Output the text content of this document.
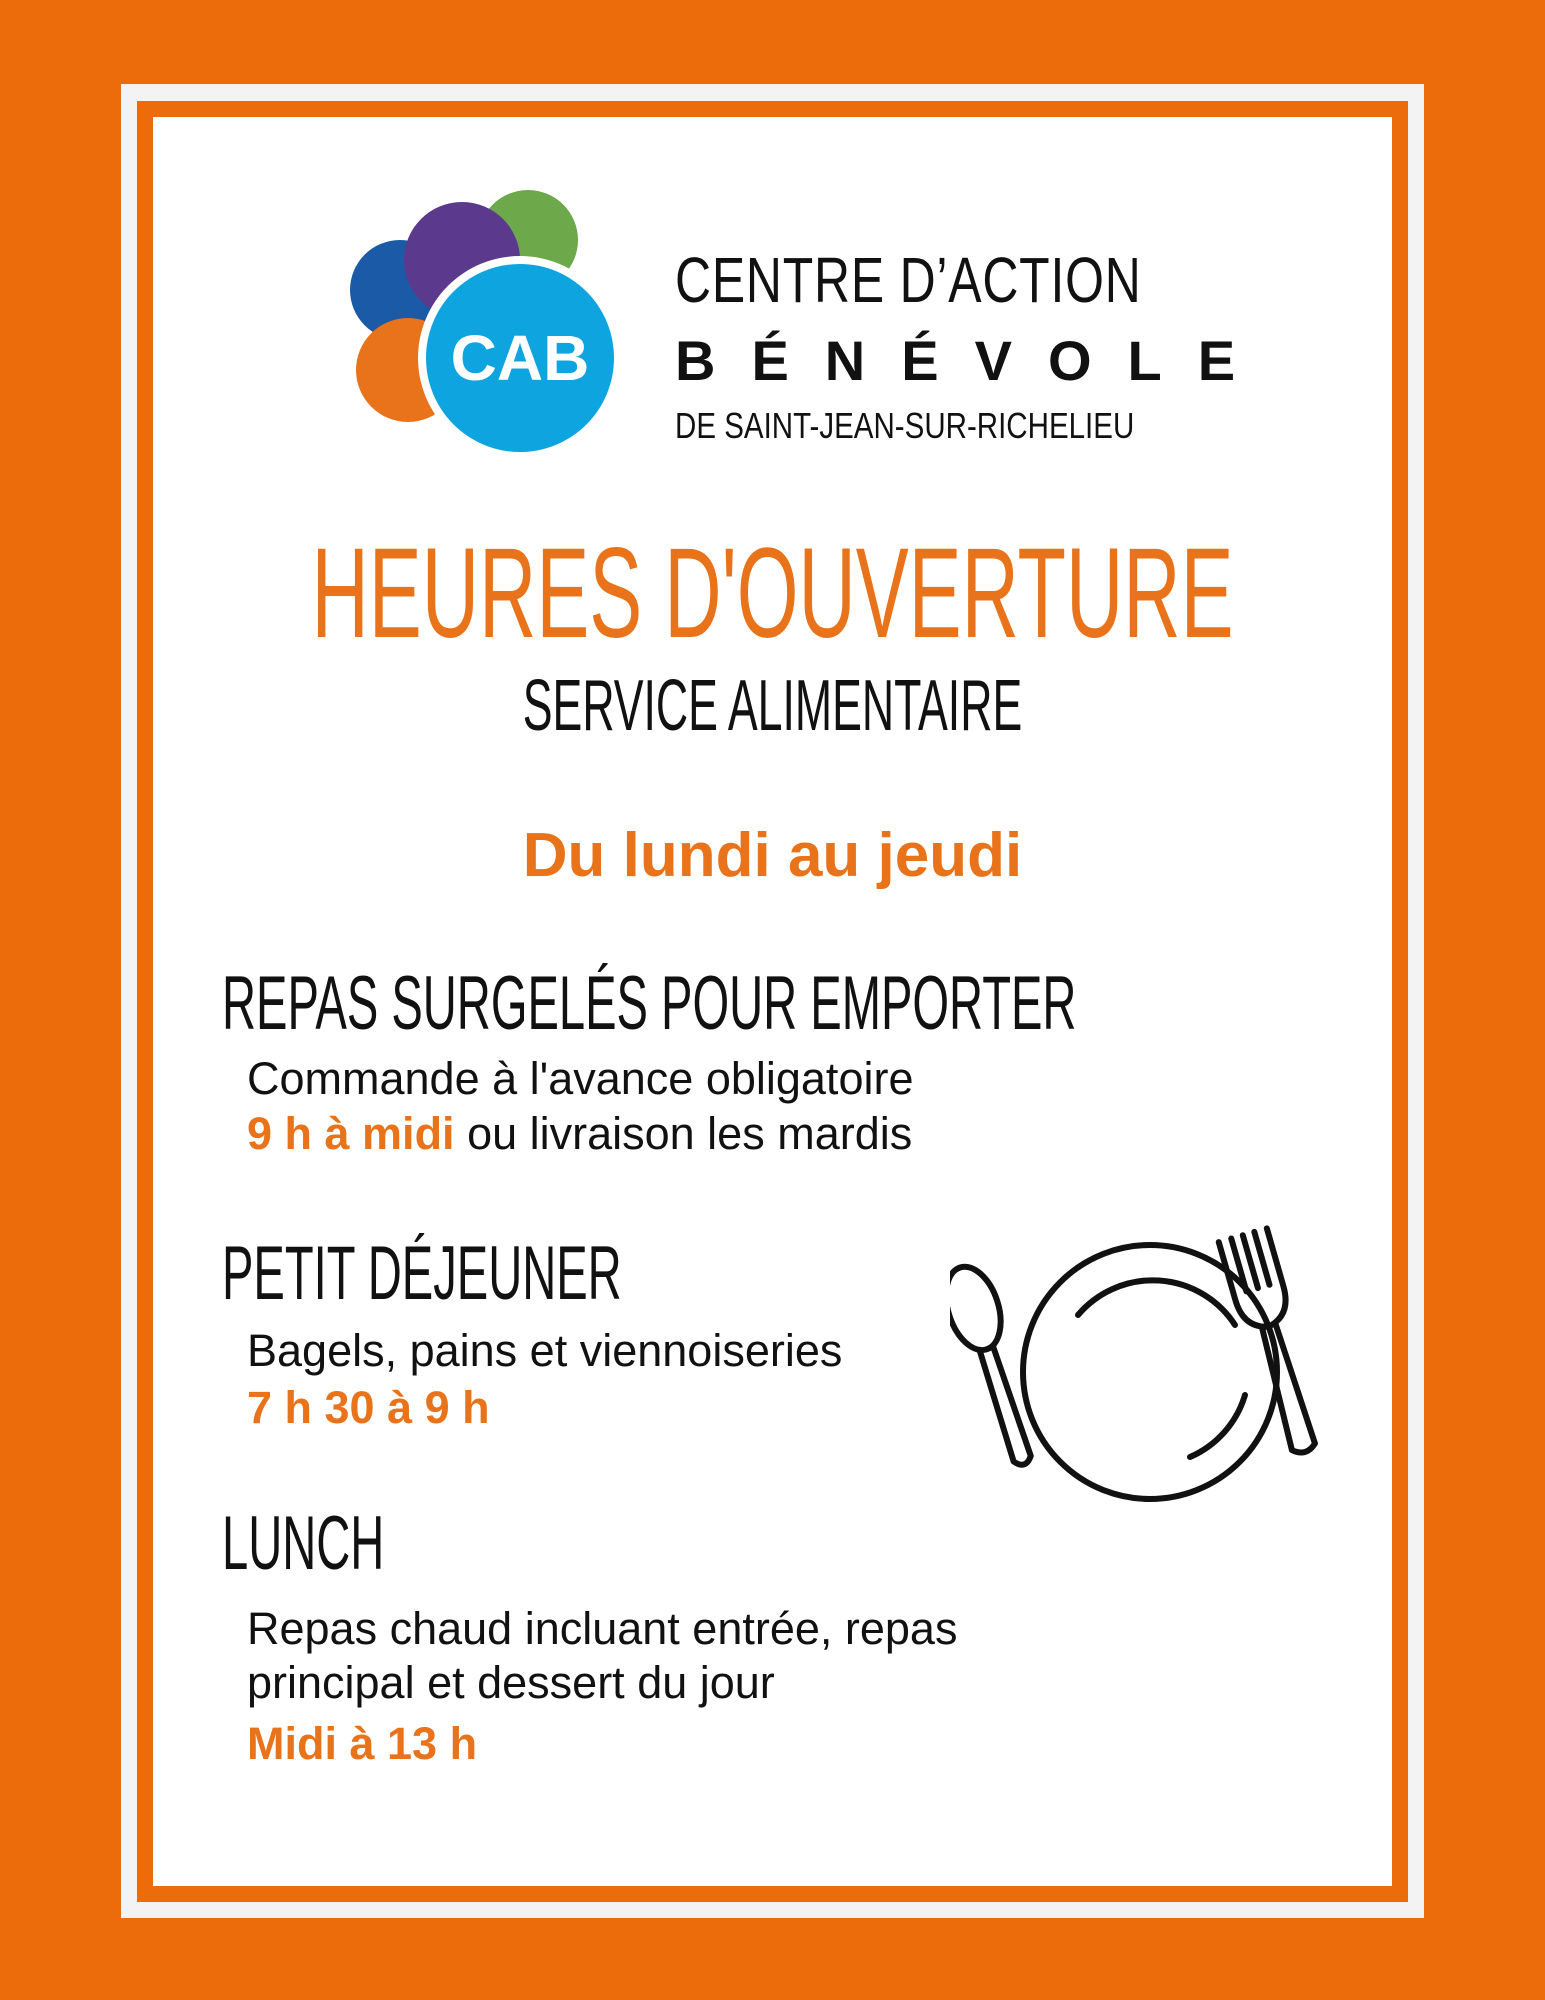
CAB
CENTRE D’ACTION
BÉNÉVOLE
DE SAINT-JEAN-SUR-RICHELIEU
HEURES D'OUVERTURE
SERVICE ALIMENTAIRE
Du lundi au jeudi
REPAS SURGELÉS POUR EMPORTER
Commande à l'avance obligatoire
9 h à midi ou livraison les mardis
PETIT DÉJEUNER
Bagels, pains et viennoiseries
7 h 30 à 9 h
LUNCH
Repas chaud incluant entrée, repas
principal et dessert du jour
Midi à 13 h
